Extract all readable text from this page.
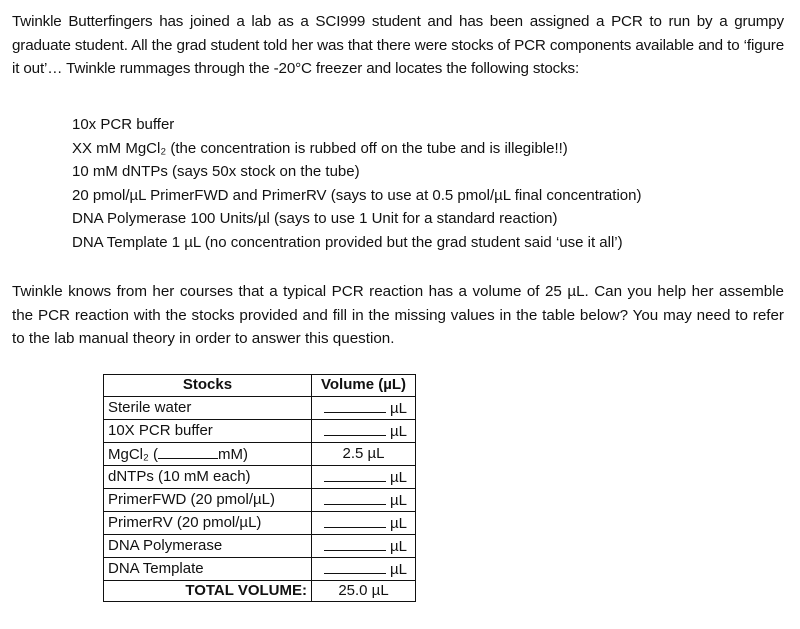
Twinkle Butterfingers has joined a lab as a SCI999 student and has been assigned a PCR to run by a grumpy graduate student. All the grad student told her was that there were stocks of PCR components available and to ‘figure it out’… Twinkle rummages through the -20°C freezer and locates the following stocks:

10x PCR buffer
XX mM MgCl₂ (the concentration is rubbed off on the tube and is illegible!!)
10 mM dNTPs (says 50x stock on the tube)
20 pmol/µL PrimerFWD and PrimerRV (says to use at 0.5 pmol/µL final concentration)
DNA Polymerase 100 Units/µl (says to use 1 Unit for a standard reaction)
DNA Template 1 µL (no concentration provided but the grad student said ‘use it all’)

Twinkle knows from her courses that a typical PCR reaction has a volume of 25 µL. Can you help her assemble the PCR reaction with the stocks provided and fill in the missing values in the table below? You may need to refer to the lab manual theory in order to answer this question.

Stocks	Volume (µL)
Sterile water	µL

10X PCR buffer	µL

MgCl₂ ( mM)	2.5 µL
dNTPs (10 mM each)	µL

PrimerFWD (20 pmol/µL)	µL

PrimerRV (20 pmol/µL)	µL

DNA Polymerase	µL

DNA Template	µL

TOTAL VOLUME:	25.0 µL
